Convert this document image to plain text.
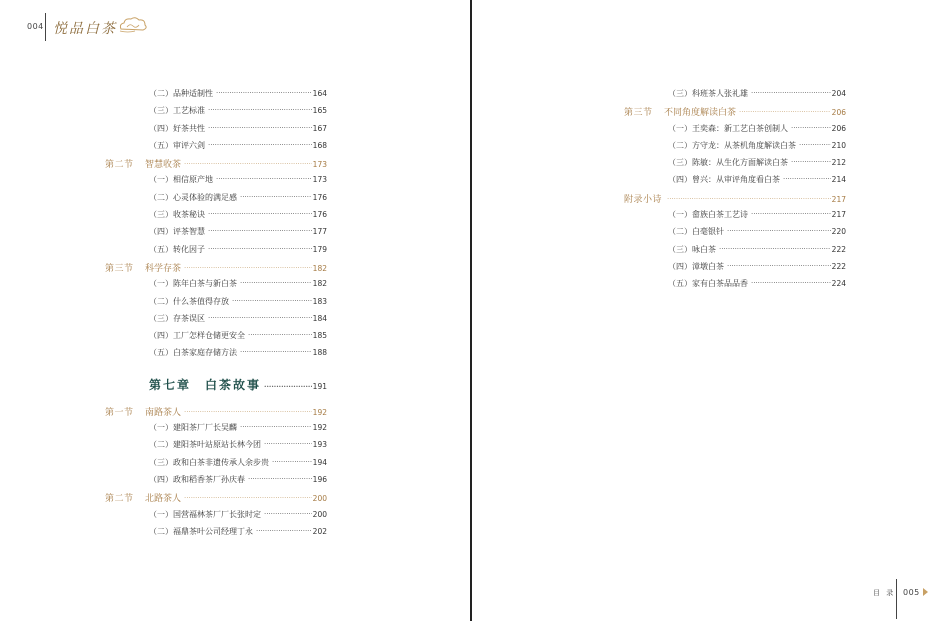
004 悦品白茶
（二）品种适制性 ·····	164
（三）工艺标准 ·····	165
（四）好茶共性 ·····	167
（五）审评六剑 ·····	168
第二节 智慧收茶 ·····	173
（一）相信原产地 ·····	173
（二）心灵体验的满足感 ·····	176
（三）收茶秘诀 ·····	176
（四）评茶智慧 ·····	177
（五）转化因子 ·····	179
第三节 科学存茶 ·····	182
（一）陈年白茶与新白茶 ·····	182
（二）什么茶值得存放 ·····	183
（三）存茶误区 ·····	184
（四）工厂怎样仓储更安全 ·····	185
（五）白茶家庭存储方法 ·····	188
第七章　白茶故事 ·····	191
第一节 南路茶人 ·····	192
（一）建阳茶厂厂长吴麟 ·····	192
（二）建阳茶叶站原站长林今团 ·····	193
（三）政和白茶非遗传承人余步贵 ·····	194
（四）政和稻香茶厂孙庆春 ·····	196
第二节 北路茶人 ·····	200
（一）国营福林茶厂厂长张时定 ·····	200
（二）福鼎茶叶公司经理丁永 ·····	202
（三）科班茶人张礼雄 ·····	204
第三节 不同角度解读白茶 ·····	206
（一）王奕森：新工艺白茶创制人 ·····	206
（二）方守龙：从茶机角度解读白茶 ·····	210
（三）陈敏：从生化方面解读白茶 ·····	212
（四）曾兴：从审评角度看白茶 ·····	214
附录小诗 ·····	217
（一）畲族白茶工艺诗 ·····	217
（二）白毫银针 ·····	220
（三）咏白茶 ·····	222
（四）漳墩白茶 ·····	222
（五）家有白茶品品香 ·····	224
目 录 005
